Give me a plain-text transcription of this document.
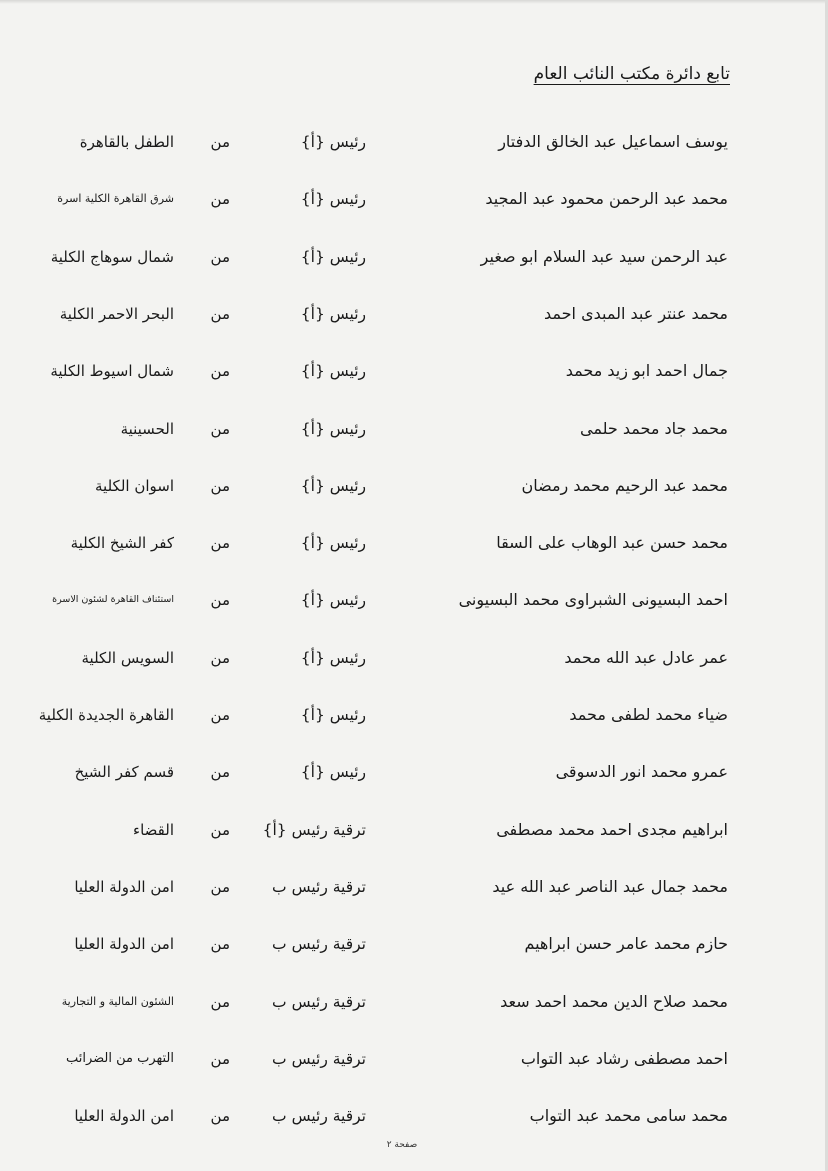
تابع دائرة مكتب النائب العام
يوسف اسماعيل عبد الخالق الدفتار
رئيس {أ}
من
الطفل بالقاهرة
محمد عبد الرحمن محمود عبد المجيد
رئيس {أ}
من
شرق القاهرة الكلية اسرة
عبد الرحمن سيد عبد السلام ابو صغير
رئيس {أ}
من
شمال سوهاج الكلية
محمد عنتر عبد المبدى احمد
رئيس {أ}
من
البحر الاحمر الكلية
جمال احمد ابو زيد محمد
رئيس {أ}
من
شمال اسيوط الكلية
محمد جاد محمد حلمى
رئيس {أ}
من
الحسينية
محمد عبد الرحيم محمد رمضان
رئيس {أ}
من
اسوان الكلية
محمد حسن عبد الوهاب على السقا
رئيس {أ}
من
كفر الشيخ الكلية
احمد البسيونى الشبراوى محمد البسيونى
رئيس {أ}
من
استئناف القاهرة لشئون الاسرة
عمر عادل عبد الله محمد
رئيس {أ}
من
السويس الكلية
ضياء محمد لطفى محمد
رئيس {أ}
من
القاهرة الجديدة الكلية
عمرو محمد انور الدسوقى
رئيس {أ}
من
قسم كفر الشيخ
ابراهيم مجدى احمد محمد مصطفى
ترقية رئيس {أ}
من
القضاء
محمد جمال عبد الناصر عبد الله عيد
ترقية رئيس ب
من
امن الدولة العليا
حازم محمد عامر حسن ابراهيم
ترقية رئيس ب
من
امن الدولة العليا
محمد صلاح الدين محمد احمد سعد
ترقية رئيس ب
من
الشئون المالية و التجارية
احمد مصطفى رشاد عبد التواب
ترقية رئيس ب
من
التهرب من الضرائب
محمد سامى محمد عبد التواب
ترقية رئيس ب
من
امن الدولة العليا
صفحة ٢
